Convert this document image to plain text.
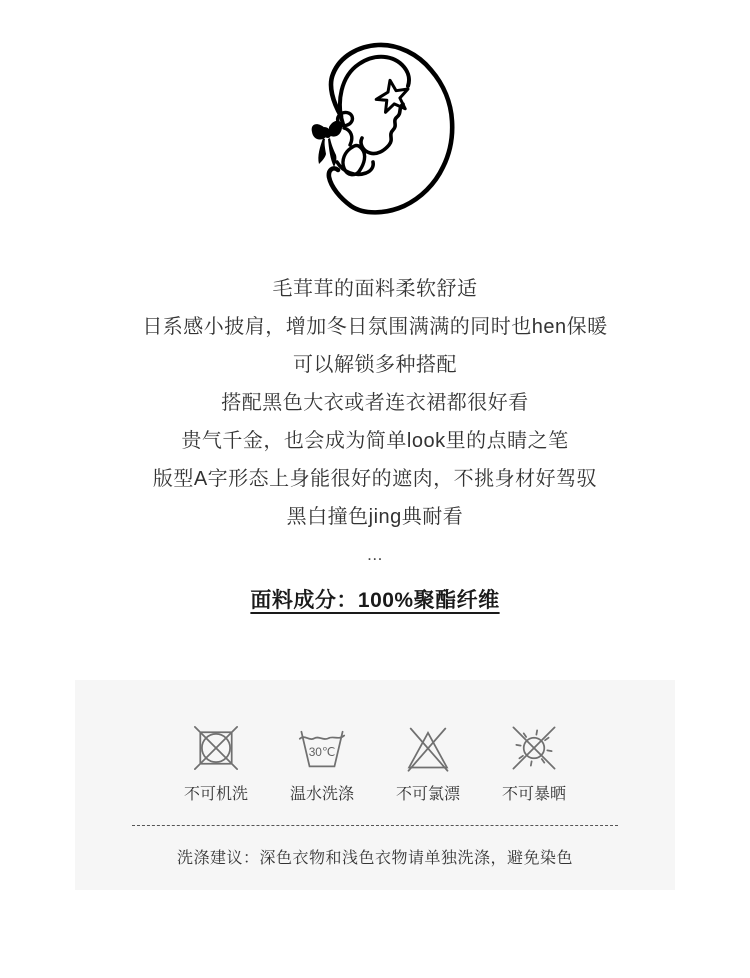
毛茸茸的面料柔软舒适

日系感小披肩，增加冬日氛围满满的同时也hen保暖

可以解锁多种搭配

搭配黑色大衣或者连衣裙都很好看

贵气千金，也会成为简单look里的点睛之笔

版型A字形态上身能很好的遮肉，不挑身材好驾驭

黑白撞色jing典耐看

...

面料成分：100%聚酯纤维
不可机洗
30℃
温水洗涤	不可氯漂	不可暴晒
洗涤建议：深色衣物和浅色衣物请单独洗涤，避免染色
